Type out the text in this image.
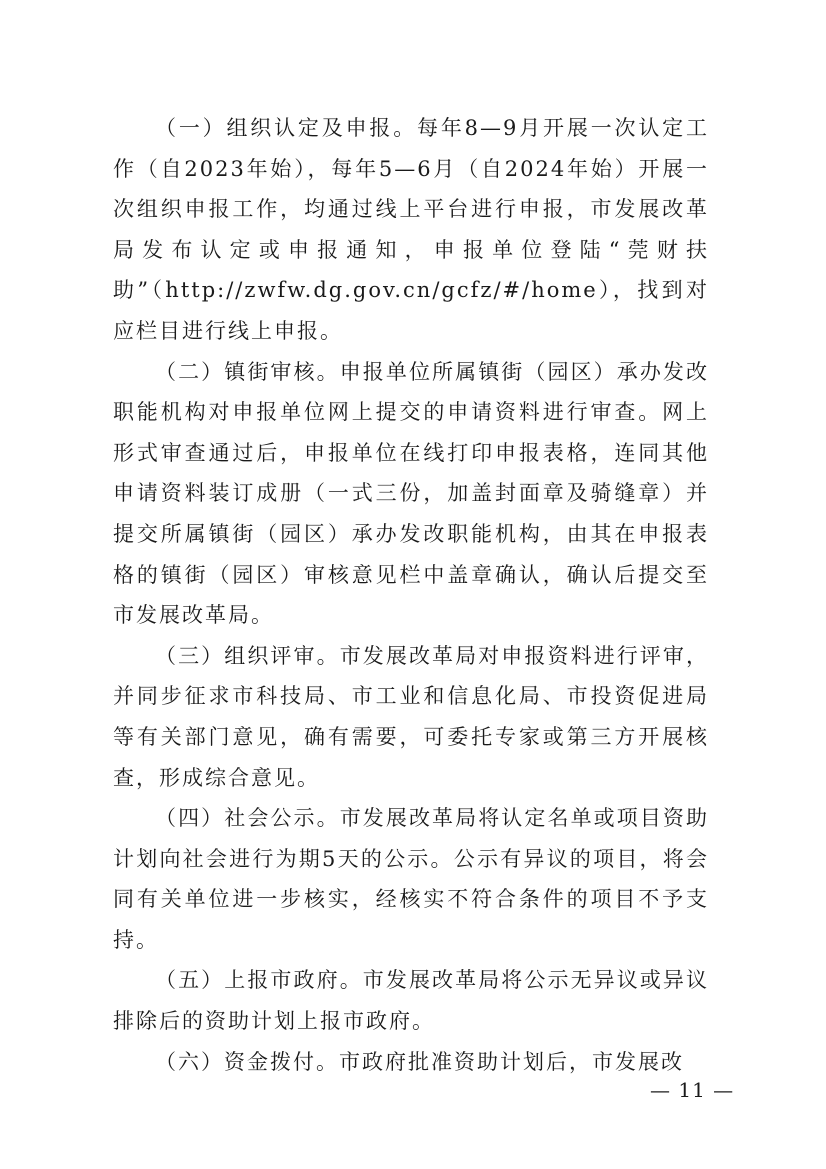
（一）组织认定及申报。每年8—9月开展一次认定工作（自2023年始），每年5—6月（自2024年始）开展一次组织申报工作，均通过线上平台进行申报，市发展改革局发布认定或申报通知，申报单位登陆“莞财扶助”（http://zwfw.dg.gov.cn/gcfz/#/home），找到对应栏目进行线上申报。

（二）镇街审核。申报单位所属镇街（园区）承办发改职能机构对申报单位网上提交的申请资料进行审查。网上形式审查通过后，申报单位在线打印申报表格，连同其他申请资料装订成册（一式三份，加盖封面章及骑缝章）并提交所属镇街（园区）承办发改职能机构，由其在申报表格的镇街（园区）审核意见栏中盖章确认，确认后提交至市发展改革局。

（三）组织评审。市发展改革局对申报资料进行评审，并同步征求市科技局、市工业和信息化局、市投资促进局等有关部门意见，确有需要，可委托专家或第三方开展核查，形成综合意见。

（四）社会公示。市发展改革局将认定名单或项目资助计划向社会进行为期5天的公示。公示有异议的项目，将会同有关单位进一步核实，经核实不符合条件的项目不予支持。

（五）上报市政府。市发展改革局将公示无异议或异议排除后的资助计划上报市政府。

（六）资金拨付。市政府批准资助计划后，市发展改

— 11 —
